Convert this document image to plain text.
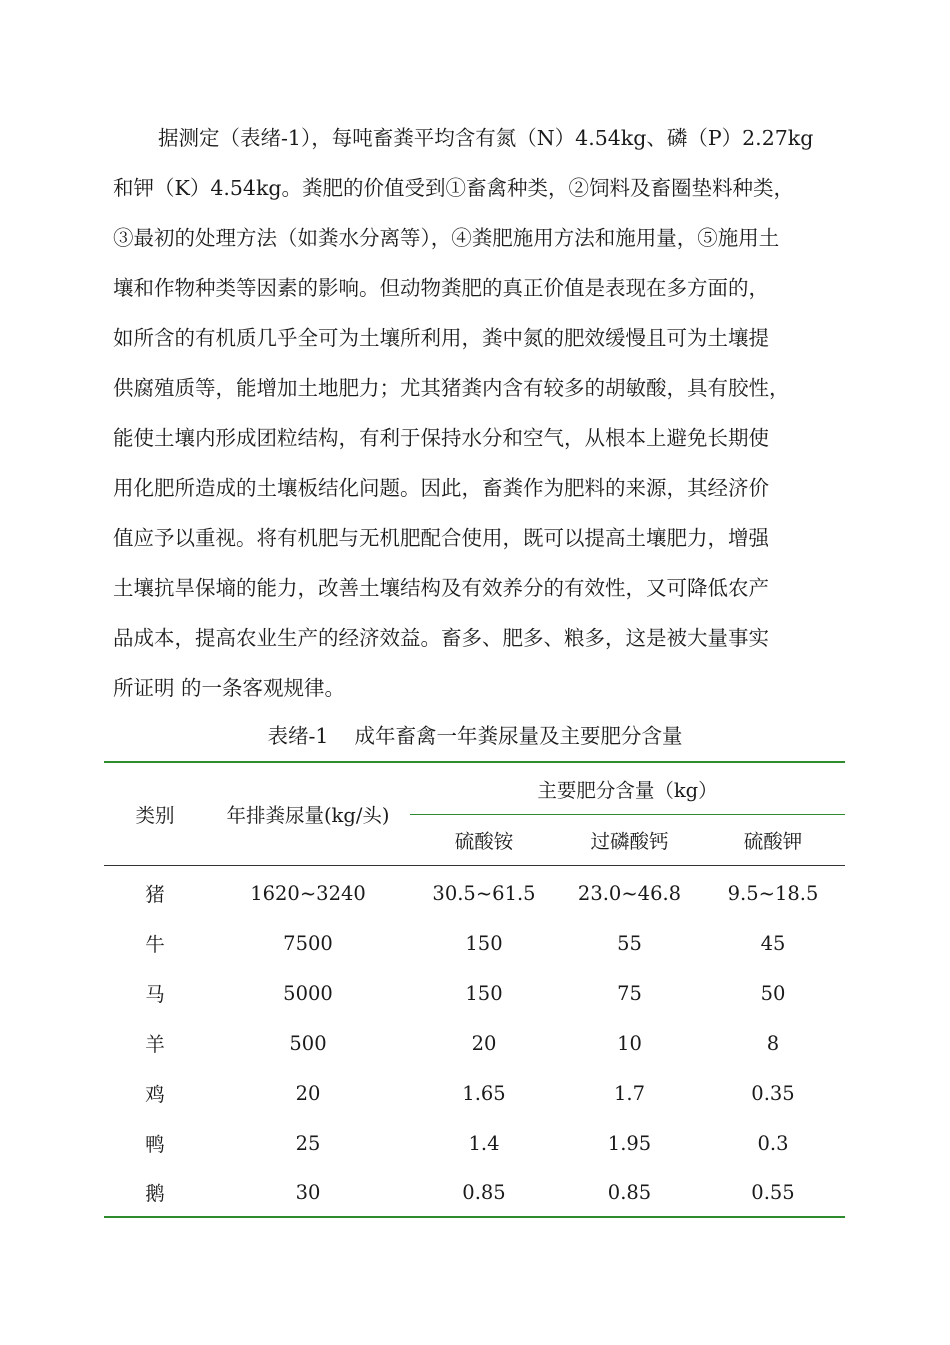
据测定（表绪-1），每吨畜粪平均含有氮（N）4.54kg、磷（P）2.27kg
和钾（K）4.54kg。粪肥的价值受到①畜禽种类，②饲料及畜圈垫料种类，
③最初的处理方法（如粪水分离等），④粪肥施用方法和施用量，⑤施用土
壤和作物种类等因素的影响。但动物粪肥的真正价值是表现在多方面的，
如所含的有机质几乎全可为土壤所利用，粪中氮的肥效缓慢且可为土壤提
供腐殖质等，能增加土地肥力；尤其猪粪内含有较多的胡敏酸，具有胶性，
能使土壤内形成团粒结构，有利于保持水分和空气，从根本上避免长期使
用化肥所造成的土壤板结化问题。因此，畜粪作为肥料的来源，其经济价
值应予以重视。将有机肥与无机肥配合使用，既可以提高土壤肥力，增强
土壤抗旱保墒的能力，改善土壤结构及有效养分的有效性，又可降低农产
品成本，提高农业生产的经济效益。畜多、肥多、粮多，这是被大量事实
所证明 的一条客观规律。
表绪-1    成年畜禽一年粪尿量及主要肥分含量
类别	年排粪尿量(kg/头)	主要肥分含量（kg）		
		硫酸铵	过磷酸钙	硫酸钾
猪	1620~3240	30.5~61.5	23.0~46.8	9.5~18.5
牛	7500	150	55	45
马	5000	150	75	50
羊	500	20	10	8
鸡	20	1.65	1.7	0.35
鸭	25	1.4	1.95	0.3
鹅	30	0.85	0.85	0.55
